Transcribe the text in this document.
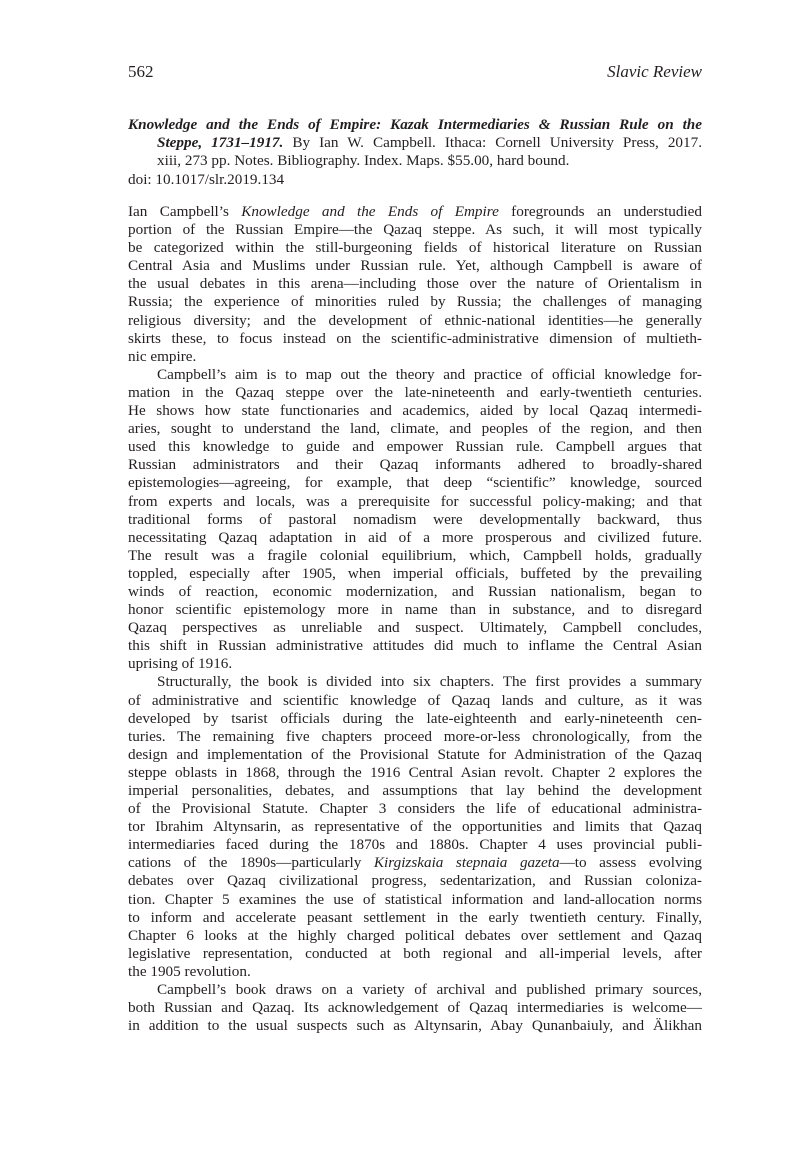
562	Slavic Review
Knowledge and the Ends of Empire: Kazak Intermediaries & Russian Rule on the
Steppe, 1731–1917. By Ian W. Campbell. Ithaca: Cornell University Press, 2017.
xiii, 273 pp. Notes. Bibliography. Index. Maps. $55.00, hard bound.
doi: 10.1017/slr.2019.134
Ian Campbell’s Knowledge and the Ends of Empire foregrounds an understudied
portion of the Russian Empire—the Qazaq steppe. As such, it will most typically
be categorized within the still-burgeoning fields of historical literature on Russian
Central Asia and Muslims under Russian rule. Yet, although Campbell is aware of
the usual debates in this arena—including those over the nature of Orientalism in
Russia; the experience of minorities ruled by Russia; the challenges of managing
religious diversity; and the development of ethnic-national identities—he generally
skirts these, to focus instead on the scientific-administrative dimension of multieth-
nic empire.
Campbell’s aim is to map out the theory and practice of official knowledge for-
mation in the Qazaq steppe over the late-nineteenth and early-twentieth centuries.
He shows how state functionaries and academics, aided by local Qazaq intermedi-
aries, sought to understand the land, climate, and peoples of the region, and then
used this knowledge to guide and empower Russian rule. Campbell argues that
Russian administrators and their Qazaq informants adhered to broadly-shared
epistemologies—agreeing, for example, that deep “scientific” knowledge, sourced
from experts and locals, was a prerequisite for successful policy-making; and that
traditional forms of pastoral nomadism were developmentally backward, thus
necessitating Qazaq adaptation in aid of a more prosperous and civilized future.
The result was a fragile colonial equilibrium, which, Campbell holds, gradually
toppled, especially after 1905, when imperial officials, buffeted by the prevailing
winds of reaction, economic modernization, and Russian nationalism, began to
honor scientific epistemology more in name than in substance, and to disregard
Qazaq perspectives as unreliable and suspect. Ultimately, Campbell concludes,
this shift in Russian administrative attitudes did much to inflame the Central Asian
uprising of 1916.
Structurally, the book is divided into six chapters. The first provides a summary
of administrative and scientific knowledge of Qazaq lands and culture, as it was
developed by tsarist officials during the late-eighteenth and early-nineteenth cen-
turies. The remaining five chapters proceed more-or-less chronologically, from the
design and implementation of the Provisional Statute for Administration of the Qazaq
steppe oblasts in 1868, through the 1916 Central Asian revolt. Chapter 2 explores the
imperial personalities, debates, and assumptions that lay behind the development
of the Provisional Statute. Chapter 3 considers the life of educational administra-
tor Ibrahim Altynsarin, as representative of the opportunities and limits that Qazaq
intermediaries faced during the 1870s and 1880s. Chapter 4 uses provincial publi-
cations of the 1890s—particularly Kirgizskaia stepnaia gazeta—to assess evolving
debates over Qazaq civilizational progress, sedentarization, and Russian coloniza-
tion. Chapter 5 examines the use of statistical information and land-allocation norms
to inform and accelerate peasant settlement in the early twentieth century. Finally,
Chapter 6 looks at the highly charged political debates over settlement and Qazaq
legislative representation, conducted at both regional and all-imperial levels, after
the 1905 revolution.
Campbell’s book draws on a variety of archival and published primary sources,
both Russian and Qazaq. Its acknowledgement of Qazaq intermediaries is welcome—
in addition to the usual suspects such as Altynsarin, Abay Qunanbaiuly, and Älikhan
